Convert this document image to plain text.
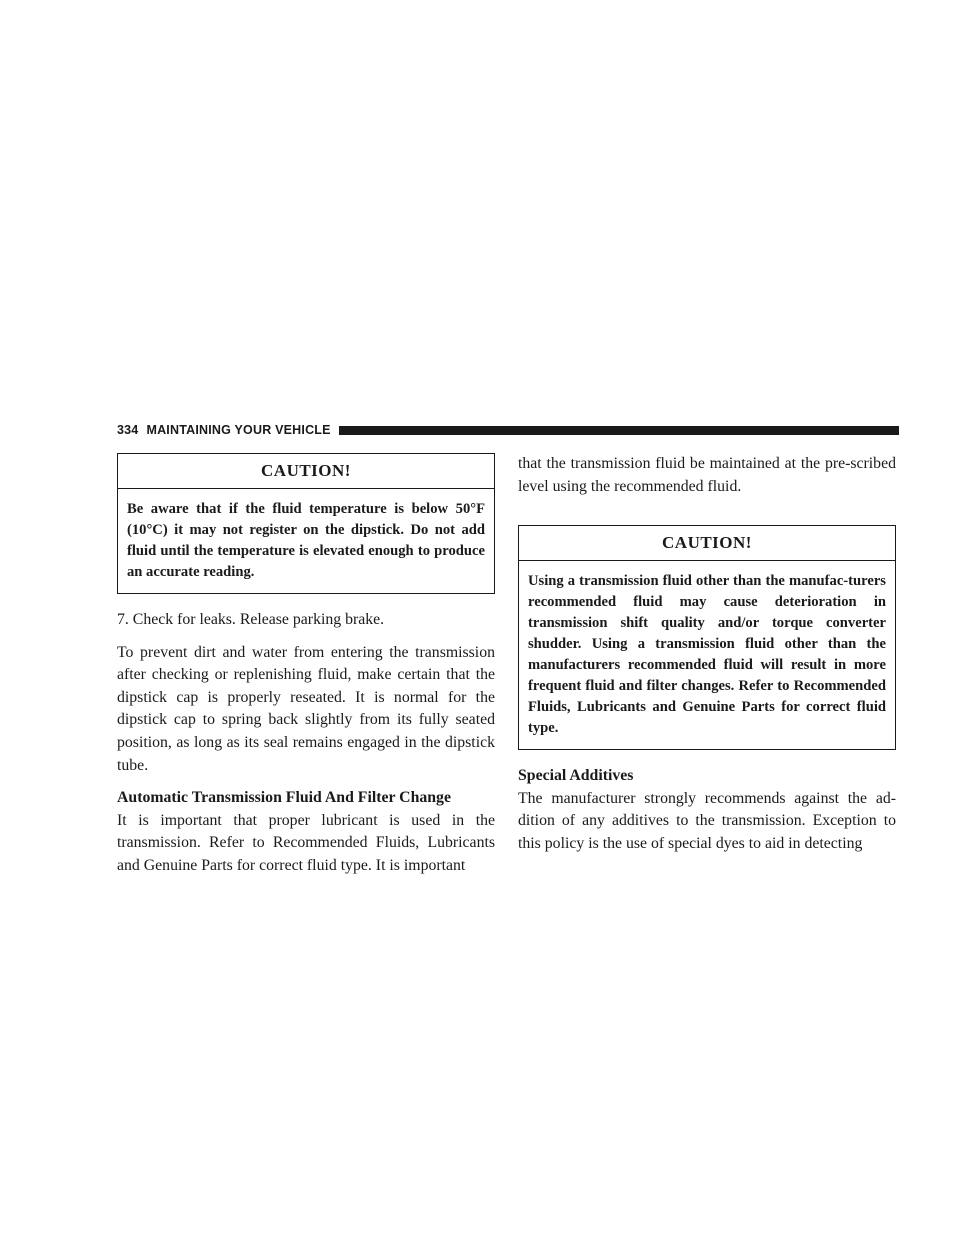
334 MAINTAINING YOUR VEHICLE
CAUTION!
Be aware that if the fluid temperature is below 50°F (10°C) it may not register on the dipstick. Do not add fluid until the temperature is elevated enough to produce an accurate reading.

7. Check for leaks. Release parking brake.

To prevent dirt and water from entering the transmission after checking or replenishing fluid, make certain that the dipstick cap is properly reseated. It is normal for the dipstick cap to spring back slightly from its fully seated position, as long as its seal remains engaged in the dipstick tube.

Automatic Transmission Fluid And Filter Change

It is important that proper lubricant is used in the transmission. Refer to Recommended Fluids, Lubricants and Genuine Parts for correct fluid type. It is important

that the transmission fluid be maintained at the pre-scribed level using the recommended fluid.

CAUTION!
Using a transmission fluid other than the manufac-turers recommended fluid may cause deterioration in transmission shift quality and/or torque converter shudder. Using a transmission fluid other than the manufacturers recommended fluid will result in more frequent fluid and filter changes. Refer to Recommended Fluids, Lubricants and Genuine Parts for correct fluid type.

Special Additives

The manufacturer strongly recommends against the ad-dition of any additives to the transmission. Exception to this policy is the use of special dyes to aid in detecting
